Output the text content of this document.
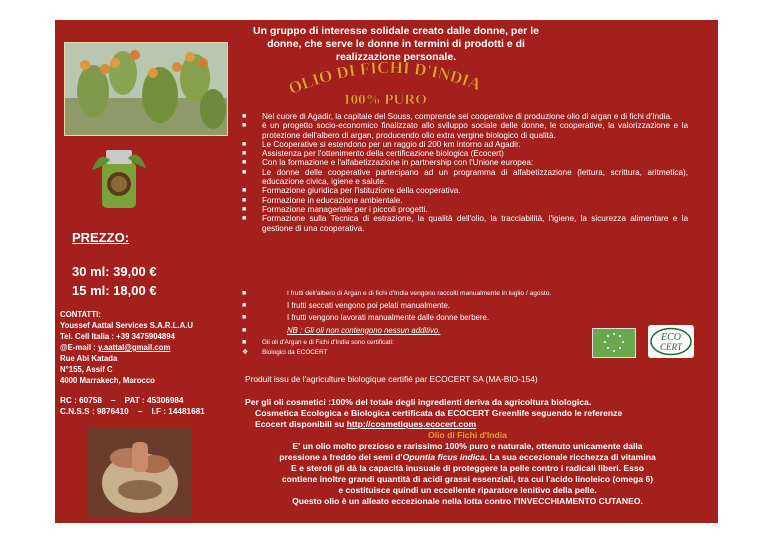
Un gruppo di interesse solidale creato dalle donne, per le
donne, che serve le donne in termini di prodotti e di
realizzazione personale.
OLIO DI FICHI D'INDIA
100% PURO
■	Nel cuore di Agadir, la capitale del Souss, comprende sei cooperative di produzione olio di argan e di fichi d'India.
■	è un progetto socio-economico finalizzato allo sviluppo sociale delle donne, le cooperative, la valorizzazione e la protezione dell'albero di argan, producendo olio extra vergine biologico di qualità.
■	Le Cooperative si estendono per un raggio di 200 km intorno ad Agadir.
■	Assistenza per l'ottenimento della certificazione biologica (Ecocert)
■	Con la formazione e l'alfabetizzazione in partnership con l'Unione europea:
■	Le donne delle cooperative partecipano ad un programma di alfabetizzazione (lettura, scrittura, aritmetica), educazione civica, igiene e salute.
■	Formazione giuridica per l'istituzione della cooperativa.
■	Formazione in educazione ambientale.
■	Formazione manageriale per i piccoli progetti.
■	Formazione sulla Tecnica di estrazione, la qualità dell'olio, la tracciabilità, l'igiene, la sicurezza alimentare e la gestione di una cooperativa.
■	I frutti dell'albero di Argan e di fichi d'India vengono raccolti manualmente in luglio / agosto.
■	I frutti seccati vengono poi pelati manualmente.
■	I frutti vengono lavorati manualmente dalle donne berbere.
■	NB : Gli oli non contengono nessun additivo.
■	Gli oli d'Argan e di Fichi d'India sono certificati:
❖	Biologici da ECOCERT
ECO
CERT
PREZZO:
30 ml: 39,00 €
15 ml: 18,00 €
CONTATTI:
Youssef Aattal Services S.A.R.L.A.U
Tel. Cell Italia : +39 3475904894
@E-mail : y.aattal@gmail.com
Rue Abi Katada
N°155, Assif C
4000 Marrakech, Marocco
RC : 60758    –    PAT : 45306984
C.N.S.S : 9876410    –    I.F : 14481681
Produit issu de l'agriculture biologique certifié par ECOCERT SA (MA-BIO-154)
Per gli oli cosmetici :100% del totale degli ingredienti deriva da agricoltura biologica.
Cosmetica Ecologica e Biologica certificata da ECOCERT Greenlife seguendo le referenze
Ecocert disponibili su http://cosmetiques.ecocert.com
Olio di Fichi d'India
E' un olio molto prezioso e rarissimo 100% puro e naturale, ottenuto unicamente dalla
pressione a freddo dei semi d'Opuntia ficus indica. La sua eccezionale ricchezza di vitamina
E e steroli gli dà la capacità inusuale di proteggere la pelle contro i radicali liberi. Esso
contiene inoltre grandi quantità di acidi grassi essenziali, tra cui l'acido linoleico (omega 6)
e costituisce quindi un eccellente riparatore lenitivo della pelle.
Questo olio è un alleato eccezionale nella lotta contro l'INVECCHIAMENTO CUTANEO.
